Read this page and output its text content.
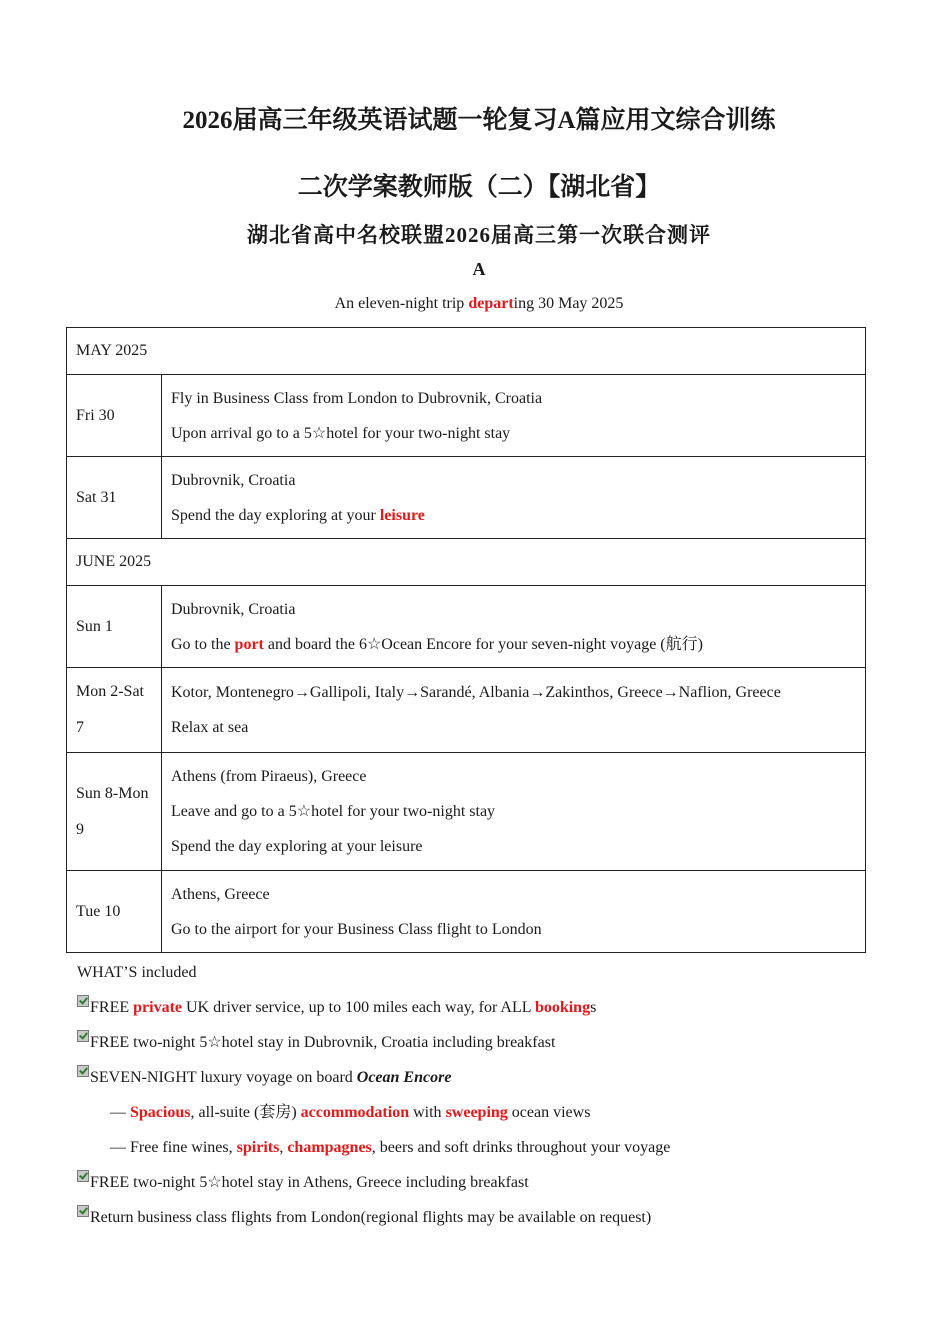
2026届高三年级英语试题一轮复习A篇应用文综合训练
二次学案教师版（二）【湖北省】
湖北省高中名校联盟2026届高三第一次联合测评
A
An eleven-night trip departing 30 May 2025
MAY 2025	
Fri 30	Fly in Business Class from London to Dubrovnik, Croatia
Upon arrival go to a 5☆hotel for your two-night stay

Sat 31	Dubrovnik, Croatia
Spend the day exploring at your leisure

JUNE 2025	
Sun 1	Dubrovnik, Croatia
Go to the port and board the 6☆Ocean Encore for your seven-night voyage (航行)

Mon 2-Sat 7	Kotor, Montenegro→Gallipoli, Italy→Sarandé, Albania→Zakinthos, Greece→Naflion, Greece
Relax at sea

Sun 8-Mon 9	Athens (from Piraeus), Greece
Leave and go to a 5☆hotel for your two-night stay
Spend the day exploring at your leisure

Tue 10	Athens, Greece
Go to the airport for your Business Class flight to London
WHAT’S included
FREE private UK driver service, up to 100 miles each way, for ALL bookings
FREE two-night 5☆hotel stay in Dubrovnik, Croatia including breakfast
SEVEN-NIGHT luxury voyage on board Ocean Encore
— Spacious, all-suite (套房) accommodation with sweeping ocean views
— Free fine wines, spirits, champagnes, beers and soft drinks throughout your voyage
FREE two-night 5☆hotel stay in Athens, Greece including breakfast
Return business class flights from London(regional flights may be available on request)
